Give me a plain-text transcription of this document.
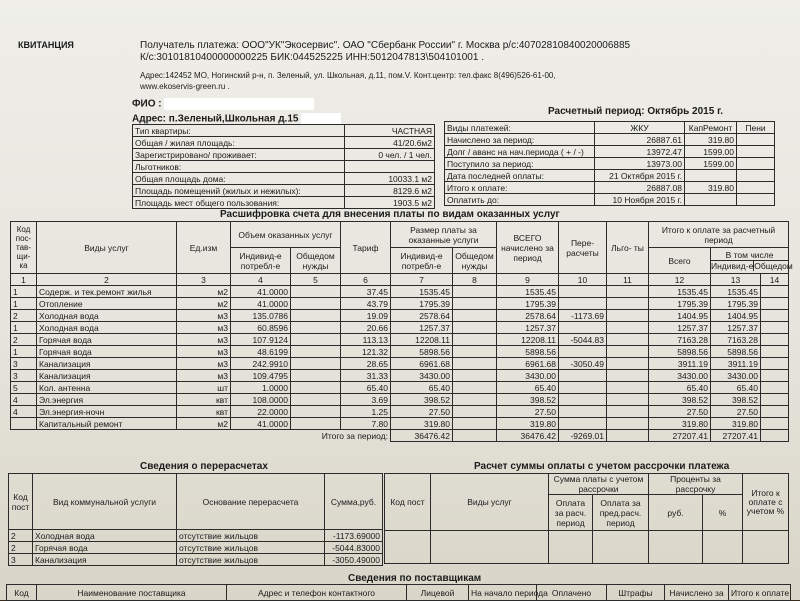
КВИТАНЦИЯ	Получатель платежа: ООО"УК"Экосервис". ОАО "Сбербанк России" г. Москва р/с:40702810840020006885
К/с:30101810400000000225 БИК:044525225 ИНН:5012047813\504101001 .
Адрес:142452 МО, Ногинский р-н, п. Зеленый, ул. Школьная, д.11, пом.V. Конт.центр: тел.факс 8(496)526-61-00,
www.ekoservis-green.ru .
ФИО :
Адрес: п.Зеленый,Школьная д.15
Расчетный период: Октябрь 2015 г.
Тип квартиры:	ЧАСТНАЯ
Общая / жилая площадь:	41/20.6м2
Зарегистрировано/ проживает:	0 чел. / 1 чел.
Льготников:	
Общая площадь дома:	10033.1 м2
Площадь помещений (жилых и нежилых):	8129.6 м2
Площадь мест общего пользования:	1903.5 м2
Виды платежей:	ЖКУ	КапРемонт	Пени
Начислено за период:	26887.61	319.80	
Долг / аванс на нач.периода ( + / -)	13972.47	1599.00	
Поступило за период:	13973.00	1599.00	
Дата последней оплаты:	21 Октября 2015 г.		
Итого к оплате:	26887.08	319.80	
Оплатить до:	10 Ноября 2015 г.		
Расшифровка счета для внесения платы по видам оказанных услуг
Код пос- тав- щи- ка	Виды услуг	Ед.изм	Объем оказанных услуг		Тариф	Размер платы за оказанные услуги		ВСЕГО начислено за период	Пере- расчеты	Льго- ты	Итого к оплате за расчетный период		
			Индивид-е потребл-е	Общедом нужды		Индивид-е потребл-е	Общедом нужды				Всего	В том числе
Индивид-е Общедом	

1	2	3	4	5	6	7	8	9	10	11	12	13	14
1	Содерж. и тек.ремонт жилья	м2	41.0000		37.45	1535.45		1535.45			1535.45	1535.45	
1	Отопление	м2	41.0000		43.79	1795.39		1795.39			1795.39	1795.39	
2	Холодная вода	м3	135.0786		19.09	2578.64		2578.64	-1173.69		1404.95	1404.95	
1	Холодная вода	м3	60.8596		20.66	1257.37		1257.37			1257.37	1257.37	
2	Горячая вода	м3	107.9124		113.13	12208.11		12208.11	-5044.83		7163.28	7163.28	
1	Горячая вода	м3	48.6199		121.32	5898.56		5898.56			5898.56	5898.56	
3	Канализация	м3	242.9910		28.65	6961.68		6961.68	-3050.49		3911.19	3911.19	
3	Канализация	м3	109.4795		31.33	3430.00		3430.00			3430.00	3430.00	
5	Кол. антенна	шт	1.0000		65.40	65.40		65.40			65.40	65.40	
4	Эл.энергия	квт	108.0000		3.69	398.52		398.52			398.52	398.52	
4	Эл.энергия-ночн	квт	22.0000		1.25	27.50		27.50			27.50	27.50	
	Капитальный ремонт	м2	41.0000		7.80	319.80		319.80			319.80	319.80	
Итого за период:						36476.42		36476.42	-9269.01		27207.41	27207.41	
Сведения о перерасчетах
Код пост	Вид коммунальной услуги	Основание перерасчета	Сумма,руб.
2	Холодная вода	отсутствие жильцов	-1173.69000
2	Горячая вода	отсутствие жильцов	-5044.83000
3	Канализация	отсутствие жильцов	-3050.49000
Расчет суммы оплаты с учетом рассрочки платежа
Код пост	Виды услуг	Сумма платы с учетом рассрочки		Проценты за рассрочку		Итого к оплате с учетом %
		Оплата за расч. период	Оплата за пред.расч. период	руб.	%	

Сведения по поставщикам
Код	Наименование поставщика	Адрес и телефон контактного	Лицевой	На начало периода	Оплачено	Штрафы	Начислено за	Итого к оплате
